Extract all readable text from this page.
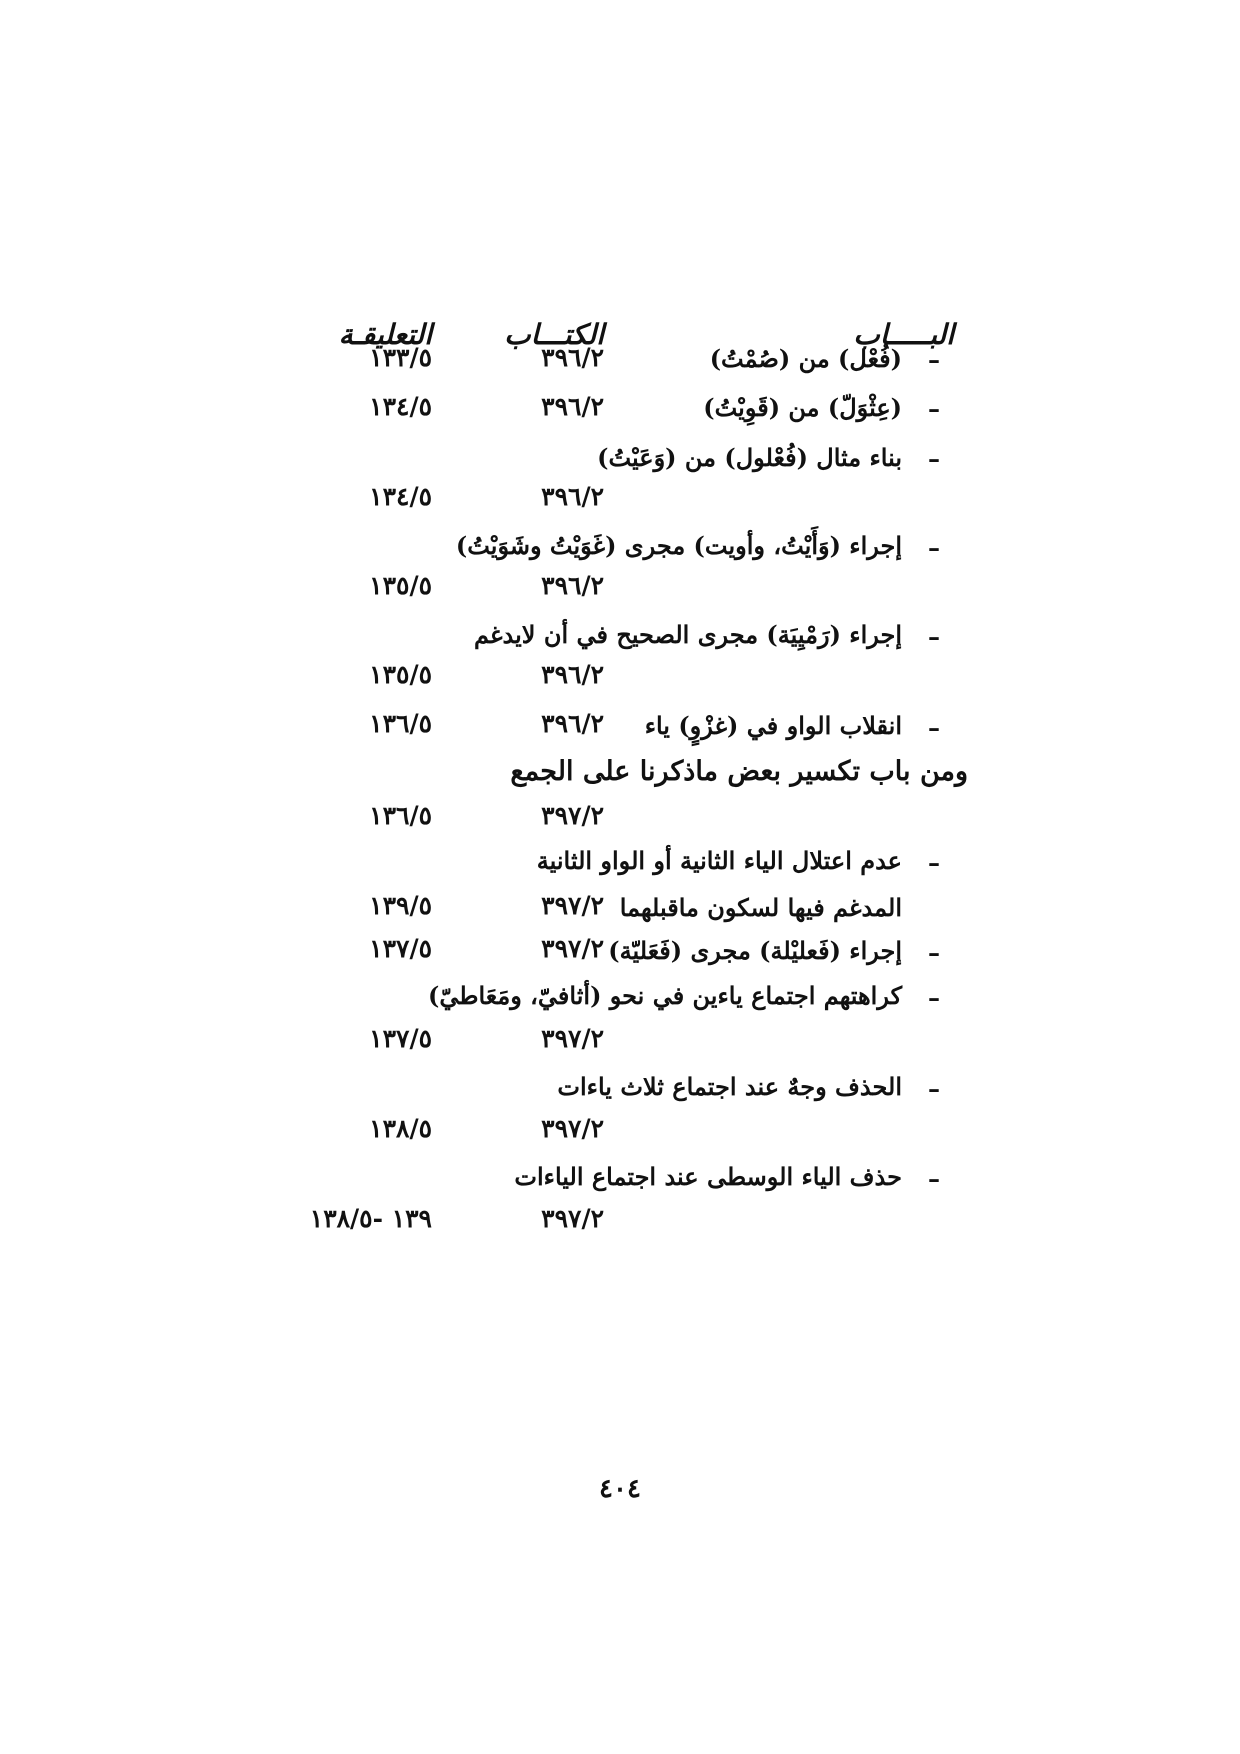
البـــــاب
الكتـــاب
التعليقـة
–
(فُعْل) من (صُمْتُ)
٣٩٦/٢
١٣٣/٥
–
(عِثْوَلّ) من (قَوِيْتُ)
٣٩٦/٢
١٣٤/٥
–
بناء مثال (فُعْلول) من (وَعَيْتُ)
٣٩٦/٢
١٣٤/٥
–
إجراء (وَأَيْتُ، وأويت) مجرى (غَوَيْتُ وشَوَيْتُ)
٣٩٦/٢
١٣٥/٥
–
إجراء (رَمْيِيَة) مجرى الصحيح في أن لايدغم
٣٩٦/٢
١٣٥/٥
–
انقلاب الواو في (غزْوٍ) ياء
٣٩٦/٢
١٣٦/٥
ومن باب تكسير بعض ماذكرنا على الجمع
٣٩٧/٢
١٣٦/٥
–
عدم اعتلال الياء الثانية أو الواو الثانية
المدغم فيها لسكون ماقبلهما
٣٩٧/٢
١٣٩/٥
–
إجراء (فَعليْلة) مجرى (فَعَليّة)
٣٩٧/٢
١٣٧/٥
–
كراهتهم اجتماع ياءين في نحو (أثافيّ، ومَعَاطيّ)
٣٩٧/٢
١٣٧/٥
–
الحذف وجهٌ عند اجتماع ثلاث ياءات
٣٩٧/٢
١٣٨/٥
–
حذف الياء الوسطى عند اجتماع الياءات
٣٩٧/٢
١٣٩ -١٣٨/٥
٤٠٤
